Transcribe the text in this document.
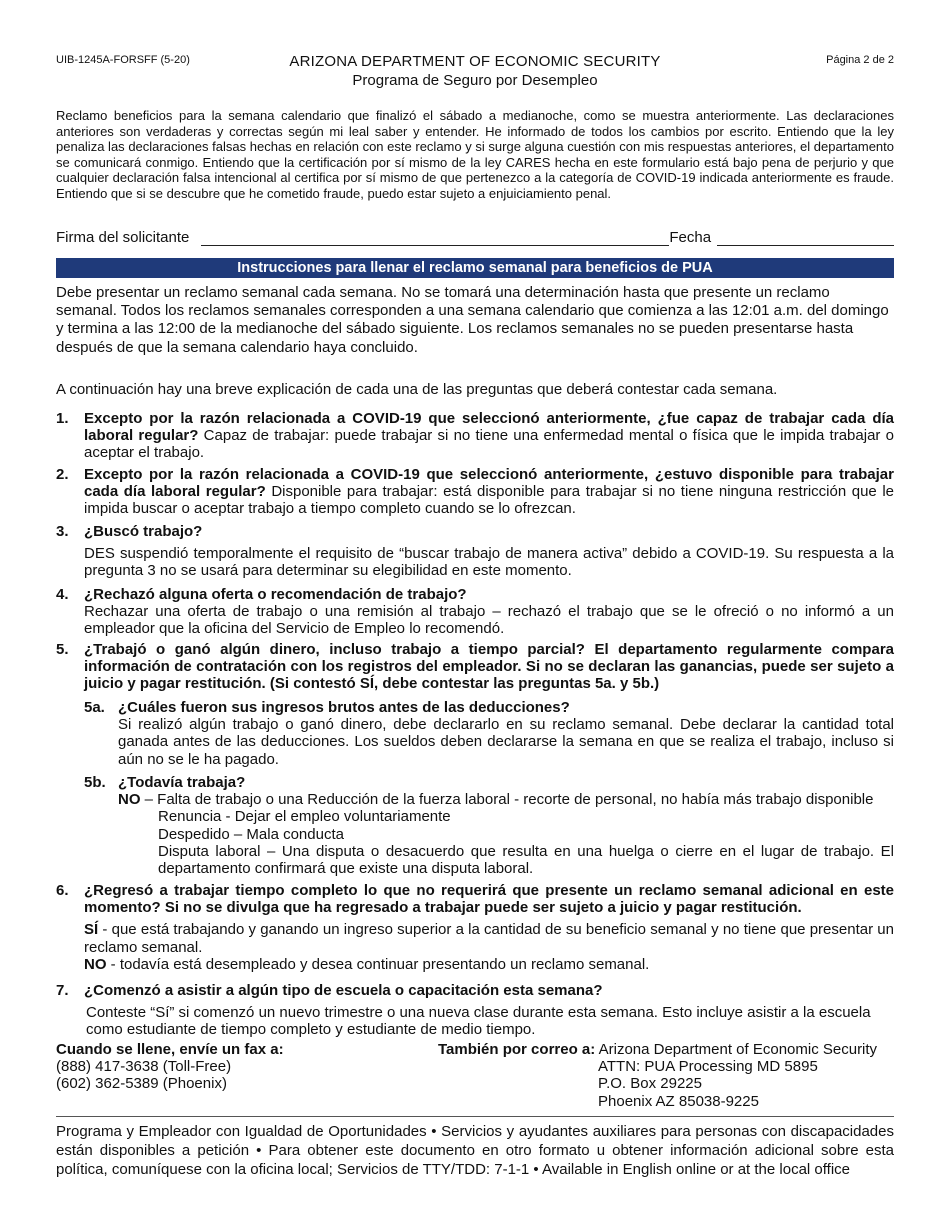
UIB-1245A-FORSFF (5-20)	ARIZONA DEPARTMENT OF ECONOMIC SECURITY
Programa de Seguro por Desempleo
Página 2 de 2
Reclamo beneficios para la semana calendario que finalizó el sábado a medianoche, como se muestra anteriormente. Las declaraciones anteriores son verdaderas y correctas según mi leal saber y entender. He informado de todos los cambios por escrito. Entiendo que la ley penaliza las declaraciones falsas hechas en relación con este reclamo y si surge alguna cuestión con mis respuestas anteriores, el departamento se comunicará conmigo. Entiendo que la certificación por sí mismo de la ley CARES hecha en este formulario está bajo pena de perjurio y que cualquier declaración falsa intencional al certifica por sí mismo de que pertenezco a la categoría de COVID-19 indicada anteriormente es fraude. Entiendo que si se descubre que he cometido fraude, puedo estar sujeto a enjuiciamiento penal.
Firma del solicitante	Fecha
Instrucciones para llenar el reclamo semanal para beneficios de PUA
Debe presentar un reclamo semanal cada semana. No se tomará una determinación hasta que presente un reclamo semanal. Todos los reclamos semanales corresponden a una semana calendario que comienza a las 12:01 a.m. del domingo y termina a las 12:00 de la medianoche del sábado siguiente. Los reclamos semanales no se pueden presentarse hasta después de que la semana calendario haya concluido.
A continuación hay una breve explicación de cada una de las preguntas que deberá contestar cada semana.
1. Excepto por la razón relacionada a COVID-19 que seleccionó anteriormente, ¿fue capaz de trabajar cada día laboral regular? Capaz de trabajar: puede trabajar si no tiene una enfermedad mental o física que le impida trabajar o aceptar el trabajo.
2. Excepto por la razón relacionada a COVID-19 que seleccionó anteriormente, ¿estuvo disponible para trabajar cada día laboral regular? Disponible para trabajar: está disponible para trabajar si no tiene ninguna restricción que le impida buscar o aceptar trabajo a tiempo completo cuando se lo ofrezcan.
3. ¿Buscó trabajo?
DES suspendió temporalmente el requisito de “buscar trabajo de manera activa” debido a COVID-19. Su respuesta a la pregunta 3 no se usará para determinar su elegibilidad en este momento.
4. ¿Rechazó alguna oferta o recomendación de trabajo?
Rechazar una oferta de trabajo o una remisión al trabajo – rechazó el trabajo que se le ofreció o no informó a un empleador que la oficina del Servicio de Empleo lo recomendó.
5. ¿Trabajó o ganó algún dinero, incluso trabajo a tiempo parcial? El departamento regularmente compara información de contratación con los registros del empleador. Si no se declaran las ganancias, puede ser sujeto a juicio y pagar restitución. (Si contestó SÍ, debe contestar las preguntas 5a. y 5b.)
5a. ¿Cuáles fueron sus ingresos brutos antes de las deducciones?
Si realizó algún trabajo o ganó dinero, debe declararlo en su reclamo semanal. Debe declarar la cantidad total ganada antes de las deducciones. Los sueldos deben declararse la semana en que se realiza el trabajo, incluso si aún no se le ha pagado.
5b. ¿Todavía trabaja?
NO – Falta de trabajo o una Reducción de la fuerza laboral - recorte de personal, no había más trabajo disponible
Renuncia - Dejar el empleo voluntariamente
Despedido – Mala conducta
Disputa laboral – Una disputa o desacuerdo que resulta en una huelga o cierre en el lugar de trabajo. El departamento confirmará que existe una disputa laboral.
6. ¿Regresó a trabajar tiempo completo lo que no requerirá que presente un reclamo semanal adicional en este momento? Si no se divulga que ha regresado a trabajar puede ser sujeto a juicio y pagar restitución.
SÍ - que está trabajando y ganando un ingreso superior a la cantidad de su beneficio semanal y no tiene que presentar un reclamo semanal.
NO - todavía está desempleado y desea continuar presentando un reclamo semanal.
7. ¿Comenzó a asistir a algún tipo de escuela o capacitación esta semana?
Conteste “Sí” si comenzó un nuevo trimestre o una nueva clase durante esta semana. Esto incluye asistir a la escuela como estudiante de tiempo completo y estudiante de medio tiempo.
Cuando se llene, envíe un fax a:
(888) 417-3638 (Toll-Free)
(602) 362-5389 (Phoenix)
También por correo a: Arizona Department of Economic Security
ATTN: PUA Processing MD 5895
P.O. Box 29225
Phoenix AZ 85038-9225
Programa y Empleador con Igualdad de Oportunidades • Servicios y ayudantes auxiliares para personas con discapacidades están disponibles a petición • Para obtener este documento en otro formato u obtener información adicional sobre esta política, comuníquese con la oficina local; Servicios de TTY/TDD: 7-1-1 • Available in English online or at the local office
